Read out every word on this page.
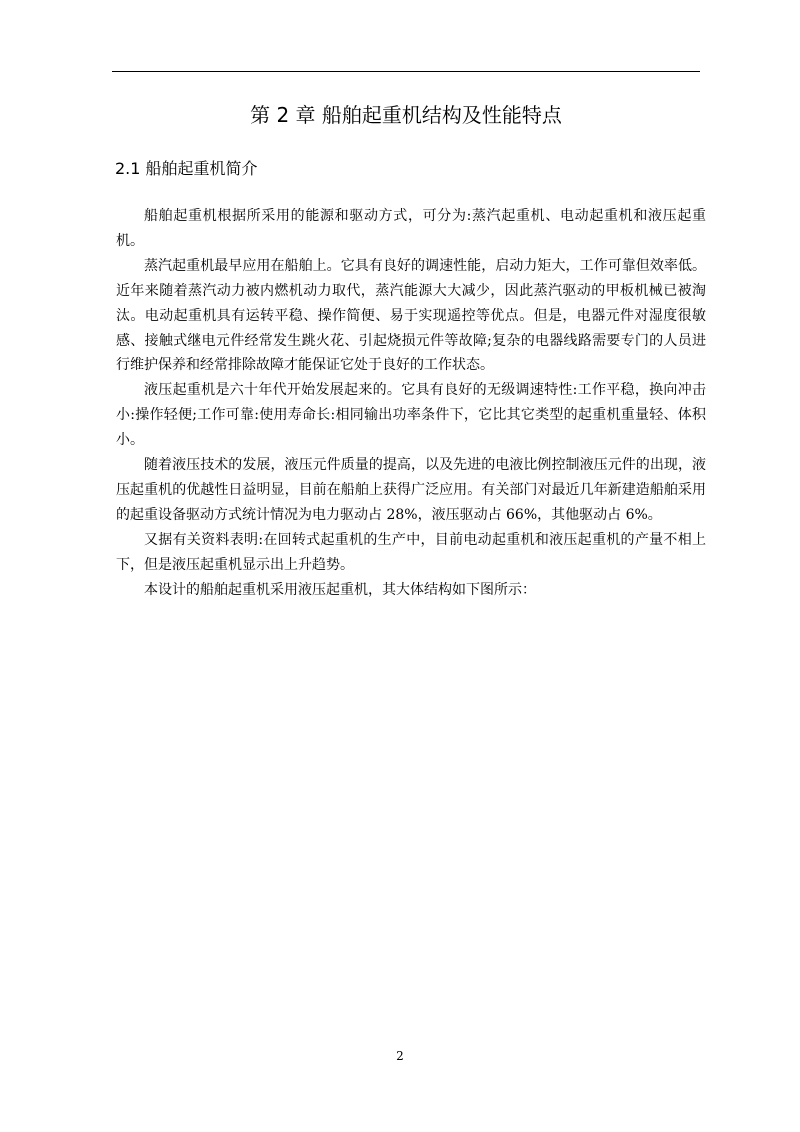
第 2 章 船舶起重机结构及性能特点
2.1 船舶起重机简介

船舶起重机根据所采用的能源和驱动方式，可分为:蒸汽起重机、电动起重机和液压起重机。

蒸汽起重机最早应用在船舶上。它具有良好的调速性能，启动力矩大，工作可靠但效率低。近年来随着蒸汽动力被内燃机动力取代，蒸汽能源大大减少，因此蒸汽驱动的甲板机械已被淘汰。电动起重机具有运转平稳、操作简便、易于实现遥控等优点。但是，电器元件对湿度很敏感、接触式继电元件经常发生跳火花、引起烧损元件等故障;复杂的电器线路需要专门的人员进行维护保养和经常排除故障才能保证它处于良好的工作状态。

液压起重机是六十年代开始发展起来的。它具有良好的无级调速特性:工作平稳，换向冲击小:操作轻便;工作可靠:使用寿命长:相同输出功率条件下，它比其它类型的起重机重量轻、体积小。

随着液压技术的发展，液压元件质量的提高，以及先进的电液比例控制液压元件的出现，液压起重机的优越性日益明显，目前在船舶上获得广泛应用。有关部门对最近几年新建造船舶采用的起重设备驱动方式统计情况为电力驱动占 28%，液压驱动占 66%，其他驱动占 6%。

又据有关资料表明:在回转式起重机的生产中，目前电动起重机和液压起重机的产量不相上下，但是液压起重机显示出上升趋势。

本设计的船舶起重机采用液压起重机，其大体结构如下图所示：

2
